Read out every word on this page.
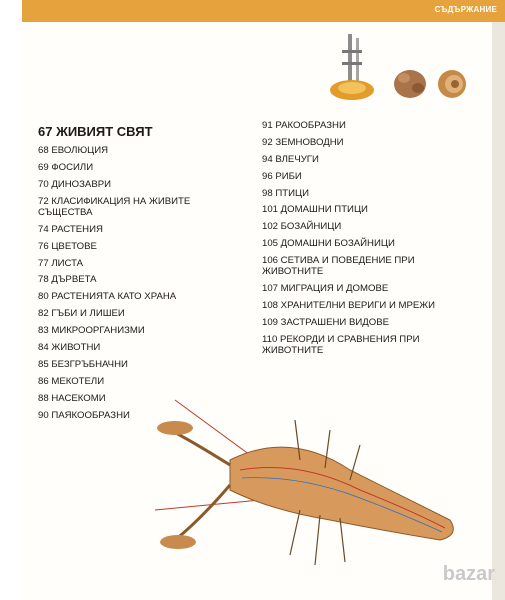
СЪДЪРЖАНИЕ
67 ЖИВИЯТ СВЯТ
68 ЕВОЛЮЦИЯ
69 ФОСИЛИ
70 ДИНОЗАВРИ
72 КЛАСИФИКАЦИЯ НА ЖИВИТЕ
СЪЩЕСТВА
74 РАСТЕНИЯ
76 ЦВЕТОВЕ
77 ЛИСТА
78 ДЪРВЕТА
80 РАСТЕНИЯТА КАТО ХРАНА
82 ГЪБИ И ЛИШЕИ
83 МИКРООРГАНИЗМИ
84 ЖИВОТНИ
85 БЕЗГРЪБНАЧНИ
86 МЕКОТЕЛИ
88 НАСЕКОМИ
90 ПАЯКООБРАЗНИ
91 РАКООБРАЗНИ
92 ЗЕМНОВОДНИ
94 ВЛЕЧУГИ
96 РИБИ
98 ПТИЦИ
101 ДОМАШНИ ПТИЦИ
102 БОЗАЙНИЦИ
105 ДОМАШНИ БОЗАЙНИЦИ
106 СЕТИВА И ПОВЕДЕНИЕ ПРИ
ЖИВОТНИТЕ
107 МИГРАЦИЯ И ДОМОВЕ
108 ХРАНИТЕЛНИ ВЕРИГИ И МРЕЖИ
109 ЗАСТРАШЕНИ ВИДОВЕ
110 РЕКОРДИ И СРАВНЕНИЯ ПРИ
ЖИВОТНИТЕ
bazar
